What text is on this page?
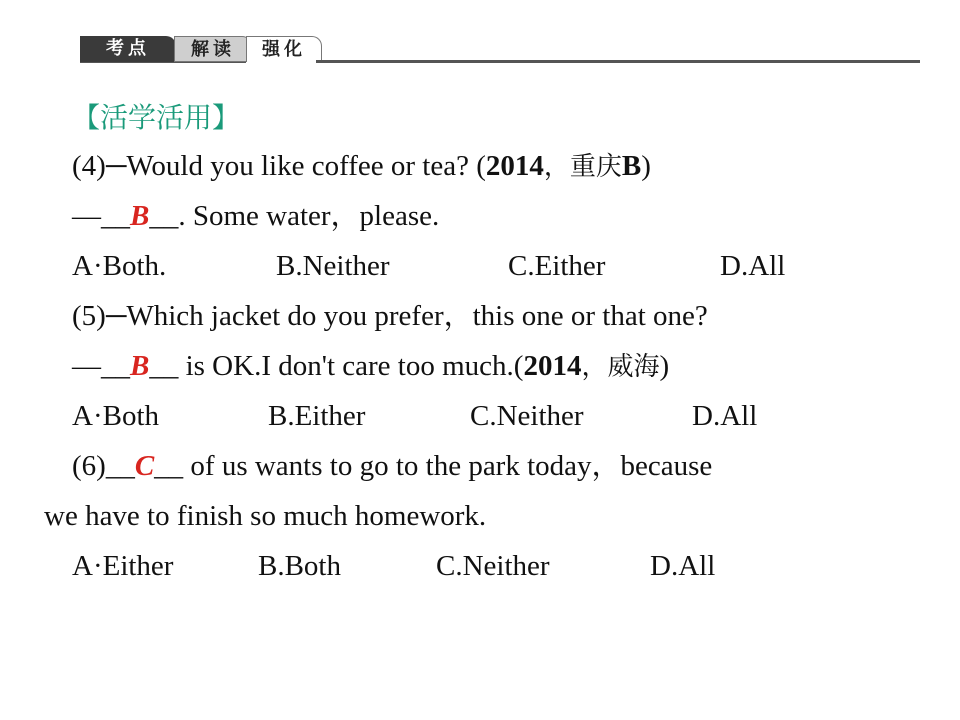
考点	解读	强化
【活学活用】
(4)─Would you like coffee or tea? (2014，重庆B)
—__B__. Some water，please.
A·Both.	B.Neither	C.Either	D.All
(5)─Which jacket do you prefer，this one or that one?
—__B__ is OK.I don't care too much.(2014，威海)
A·Both	B.Either	C.Neither	D.All
(6)__C__ of us wants to go to the park today，because
we have to finish so much homework.
A·Either	B.Both	C.Neither	D.All
